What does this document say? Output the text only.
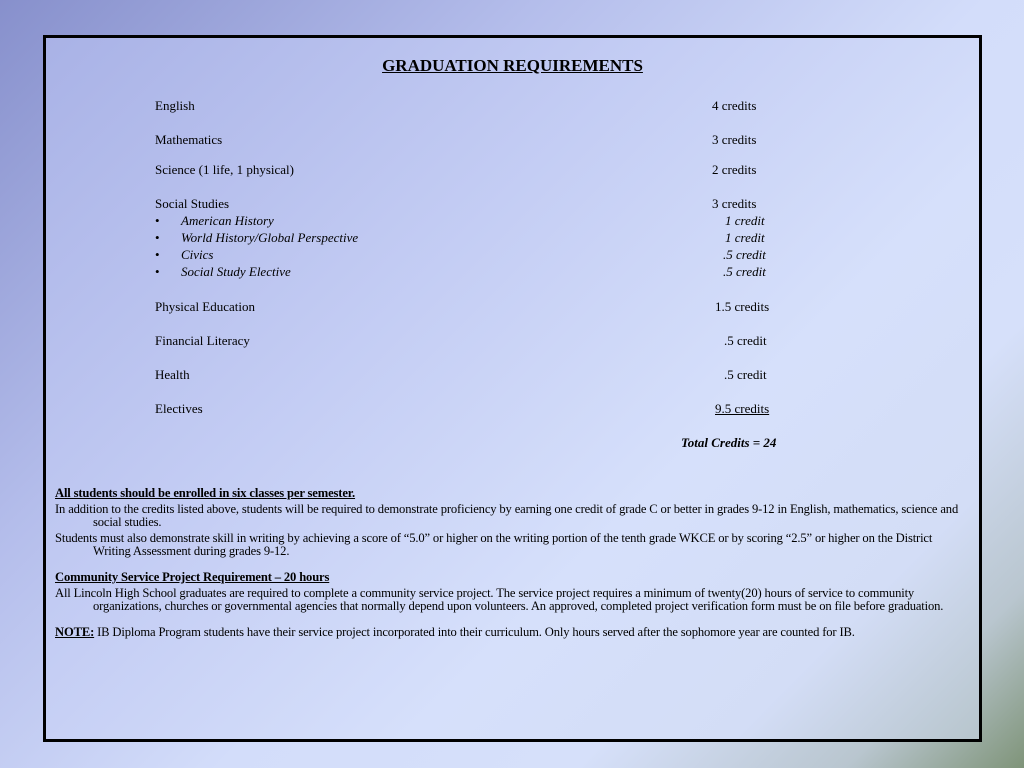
GRADUATION REQUIREMENTS
English	4 credits
Mathematics	3 credits
Science (1 life, 1 physical)	2 credits
Social Studies	3 credits
• American History	1 credit
• World History/Global Perspective	1 credit
• Civics	.5 credit
• Social Study Elective	.5 credit
Physical Education	1.5 credits
Financial Literacy	.5 credit
Health	.5 credit
Electives	9.5 credits
Total Credits = 24

All students should be enrolled in six classes per semester.

In addition to the credits listed above, students will be required to demonstrate proficiency by earning one credit of grade C or better in grades 9-12 in English, mathematics, science and social studies.

Students must also demonstrate skill in writing by achieving a score of “5.0” or higher on the writing portion of the tenth grade WKCE or by scoring “2.5” or higher on the District Writing Assessment during grades 9-12.

Community Service Project Requirement – 20 hours

All Lincoln High School graduates are required to complete a community service project. The service project requires a minimum of twenty(20) hours of service to community organizations, churches or governmental agencies that normally depend upon volunteers. An approved, completed project verification form must be on file before graduation.

NOTE: IB Diploma Program students have their service project incorporated into their curriculum. Only hours served after the sophomore year are counted for IB.
